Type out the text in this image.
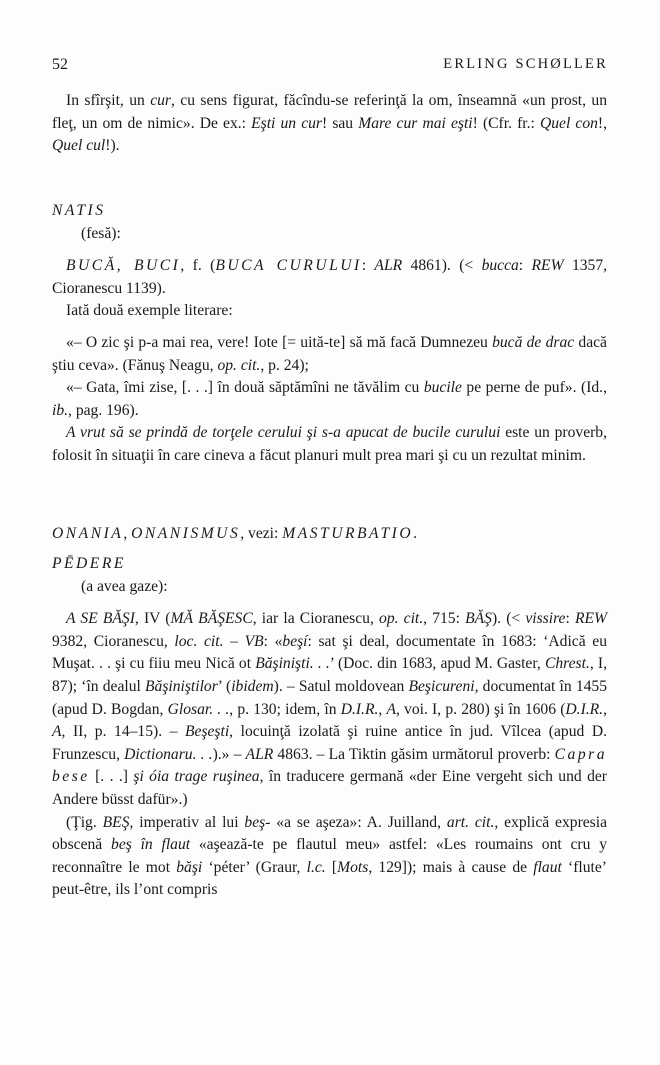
52	ERLING SCHØLLER

In sfîrşit, un cur, cu sens figurat, făcîndu-se referinţă la om, înseamnă «un prost, un fleţ, un om de nimic». De ex.: Eşti un cur! sau Mare cur mai eşti! (Cfr. fr.: Quel con!, Quel cul!).

NATIS

(fesă):

BUCĂ, BUCI, f. (BUCA CURULUI: ALR 4861). (< bucca: REW 1357, Cioranescu 1139).

Iată două exemple literare:

«– O zic şi p-a mai rea, vere! Iote [= uită-te] să mă facă Dumnezeu bucă de drac dacă ştiu ceva». (Fănuş Neagu, op. cit., p. 24);

«– Gata, îmi zise, [. . .] în două săptămîni ne tăvălim cu bucile pe perne de puf». (Id., ib., pag. 196).

A vrut să se prindă de torţele cerului şi s-a apucat de bucile curului este un proverb, folosit în situaţii în care cineva a făcut planuri mult prea mari şi cu un rezultat minim.

ONANIA, ONANISMUS, vezi: MASTURBATIO.

PĒDERE

(a avea gaze):

A SE BĂŞI, IV (MĂ BĂŞESC, iar la Cioranescu, op. cit., 715: BĂŞ). (< vissire: REW 9382, Cioranescu, loc. cit. – VB: «beşí: sat şi deal, documentate în 1683: ‘Adică eu Muşat. . . şi cu fiiu meu Nică ot Băşinişti. . .’ (Doc. din 1683, apud M. Gaster, Chrest., I, 87); ‘în dealul Băşiniştilor’ (ibidem). – Satul moldovean Beşicureni, documentat în 1455 (apud D. Bogdan, Glosar. . ., p. 130; idem, în D.I.R., A, voi. I, p. 280) şi în 1606 (D.I.R., A, II, p. 14–15). – Beşeşti, locuinţă izolată şi ruine antice în jud. Vîlcea (apud D. Frunzescu, Dictionaru. . .).» – ALR 4863. – La Tiktin găsim următorul proverb: Capra bese [. . .] şi óia trage ruşinea, în traducere germană «der Eine vergeht sich und der Andere büsst dafür».)

(Ţig. BEŞ, imperativ al lui beş- «a se aşeza»: A. Juilland, art. cit., explică expresia obscenă beş în flaut «aşează-te pe flautul meu» astfel: «Les roumains ont cru y reconnaître le mot băşi ‘péter’ (Graur, l.c. [Mots, 129]); mais à cause de flaut ‘flute’ peut-être, ils l’ont compris
